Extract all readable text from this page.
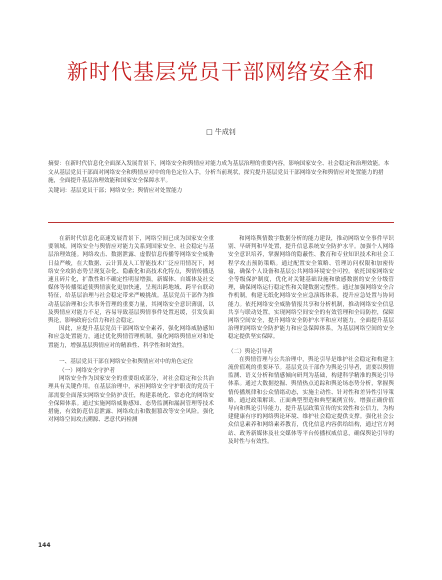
新时代基层党员干部网络安全和
□ 牛成钊

摘要：在新时代信息化全面深入发展背景下，网络安全和舆情应对能力成为基层治理的重要内容，影响国家安全、社会稳定和治理效能。本文从基层党员干部面对网络安全和舆情应对中的角色定位入手，分析当前现状，探究提升基层党员干部网络安全和舆情应对处置能力的措施，全面提升基层治理效能和国家安全保障水平。

关键词：基层党员干部；网络安全；舆情应对处置能力

在新时代信息化高速发展背景下，网络空间已成为国家安全重要领域。网络安全与舆情应对能力关系到国家安全、社会稳定与基层治理效能。网络攻击、数据泄露、虚假信息传播等网络安全威胁日益严峻，在大数据、云计算及人工智能技术广泛应用情况下，网络安全攻防态势呈现复杂化、隐蔽化和高技术化特点，舆情传播迅速且碎片化，扩散性和不确定性明显增强，新媒体、自媒体及社交媒体等传播渠道使舆情演化更加快速，呈现出跨地域、跨平台联动特征，给基层治理与社会稳定带来严峻挑战。基层党员干部作为推动基层治理和公共事务管理的重要力量，其网络安全意识薄弱，以及舆情应对能力不足，容易导致基层舆情事件处置迟缓，引发负面舆论，影响政府公信力和社会稳定。

因此，应提升基层党员干部网络安全素养，强化网络威胁感知和应急处置能力，通过优化舆情管理机制，强化网络舆情应对和处置能力，增强基层舆情应对的精准性、科学性和时效性。

一、基层党员干部在网络安全和舆情应对中的角色定位

（一）网络安全守护者

网络安全作为国家安全的重要组成部分，对社会稳定和公共治理具有关键作用。在基层治理中，承担网络安全守护职责的党员干部需要全面落实网络安全防护责任，构建系统化、常态化的网络安全保障体系。通过实施网络威胁感知、态势监测和漏洞管理等技术措施，有效防范信息泄露、网络攻击和数据篡改等安全风险。强化对网络空间攻击溯源、恶意代码检测

和网络舆情数字数据分析的能力建设，推动网络安全事件早识别、早研判和早处置，提升信息系统安全防护水平。加强个人网络安全意识培养，掌握网络的隐蔽性、教育和专业知识技术和社会工程学攻击预防策略。通过配置安全策略、管理访问权限和加密传输，确保个人设备和基层公共网络环境安全可控。依托国家网络安全等级保护制度，优化对关键基础设施和敏感数据的安全分级管理，确保网络运行稳定性和关键数据完整性。通过加强网络安全合作机制，构建无纸化网络安全应急演练体系，提升应急处置与协同能力。依托网络安全威胁情报共享和分析机制，推动网络安全信息共享与联动处置，实现网络空间安全的有效管理和全局防控，保障网络空间安全，提升网络安全防护水平和应对能力，全面提升基层治理的网络安全防护能力和应急保障体系，为基层网络空间的安全稳定提供坚实保障。

（二）舆论引导者

在舆情管理与公共治理中，舆论引导是维护社会稳定和构建主流价值观的重要环节。基层党员干部作为舆论引导者，需要以舆情监测、语义分析和情感倾向研判为基础，构建科学精准的舆论引导体系。通过大数据挖掘、舆情热点追踪和舆论场态势分析，掌握舆情传播规律和公众情绪动态，实施主动性、针对性和差异性引导策略。通过政策解读、正面典型塑造和典型案例宣传，增强正确价值导向和舆论引导能力，提升基层政策宣传的实效性和公信力，为构建健康有序的网络舆论环境、维护社会稳定提供支撑。强化社会公众信息素养和网络素养教育，优化信息内容供给结构，通过官方网站、政务新媒体及社交媒体等平台传播权威信息，确保舆论引导的及时性与有效性。

144
